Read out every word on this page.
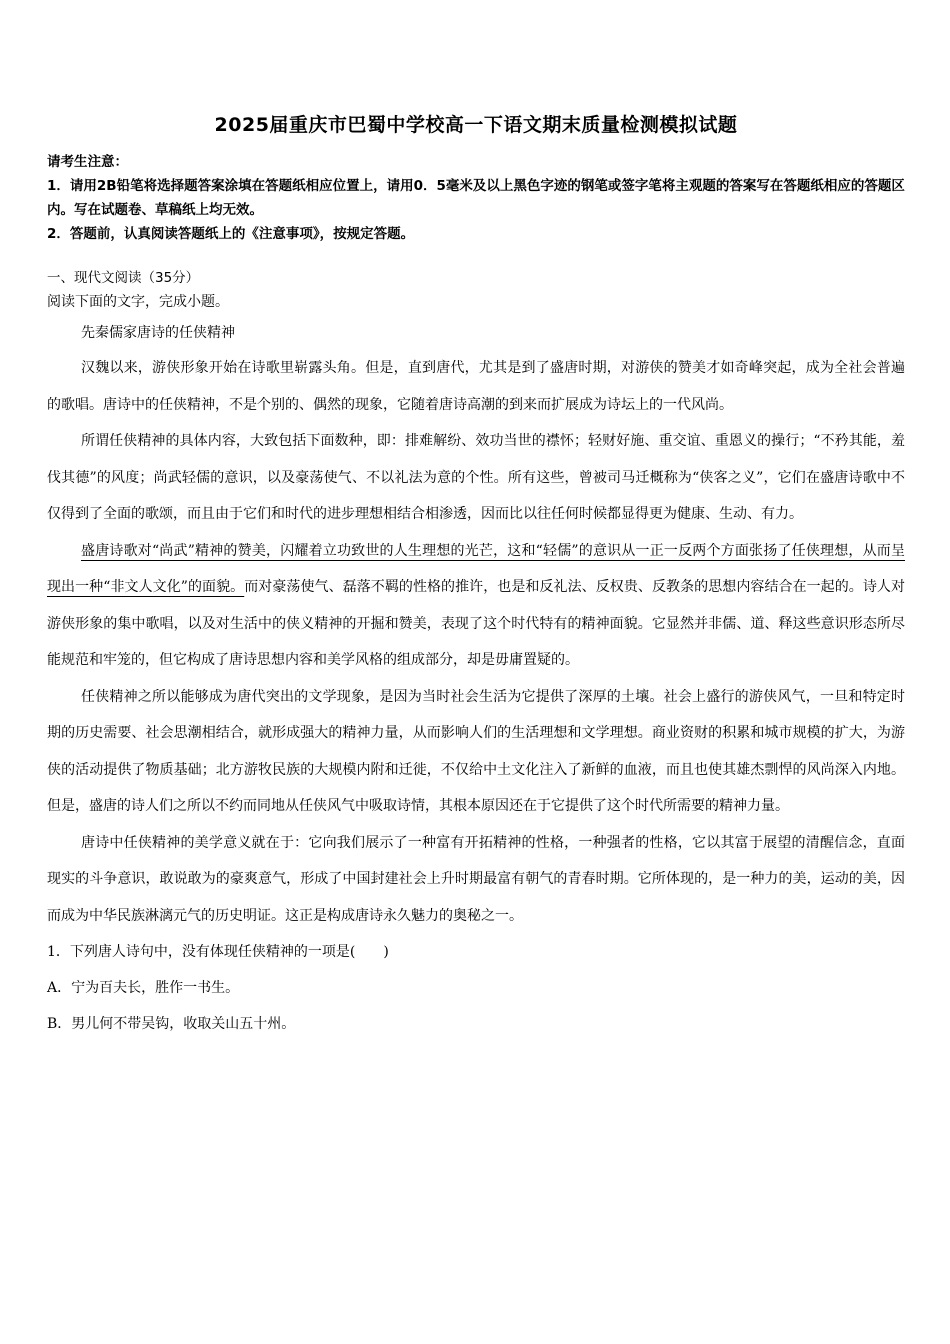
2025届重庆市巴蜀中学校高一下语文期末质量检测模拟试题

请考生注意：

1．请用2B铅笔将选择题答案涂填在答题纸相应位置上，请用0．5毫米及以上黑色字迹的钢笔或签字笔将主观题的答案写在答题纸相应的答题区内。写在试题卷、草稿纸上均无效。

2．答题前，认真阅读答题纸上的《注意事项》，按规定答题。

一、现代文阅读（35分）
阅读下面的文字，完成小题。
先秦儒家唐诗的任侠精神

汉魏以来，游侠形象开始在诗歌里崭露头角。但是，直到唐代，尤其是到了盛唐时期，对游侠的赞美才如奇峰突起，成为全社会普遍的歌唱。唐诗中的任侠精神，不是个别的、偶然的现象，它随着唐诗高潮的到来而扩展成为诗坛上的一代风尚。

所谓任侠精神的具体内容，大致包括下面数种，即：排难解纷、效功当世的襟怀；轻财好施、重交谊、重恩义的操行；“不矜其能，羞伐其德”的风度；尚武轻儒的意识，以及豪荡使气、不以礼法为意的个性。所有这些，曾被司马迁概称为“侠客之义”，它们在盛唐诗歌中不仅得到了全面的歌颂，而且由于它们和时代的进步理想相结合相渗透，因而比以往任何时候都显得更为健康、生动、有力。

盛唐诗歌对“尚武”精神的赞美，闪耀着立功致世的人生理想的光芒，这和“轻儒”的意识从一正一反两个方面张扬了任侠理想，从而呈现出一种“非文人文化”的面貌。而对豪荡使气、磊落不羁的性格的推许，也是和反礼法、反权贵、反教条的思想内容结合在一起的。诗人对游侠形象的集中歌唱，以及对生活中的侠义精神的开掘和赞美，表现了这个时代特有的精神面貌。它显然并非儒、道、释这些意识形态所尽能规范和牢笼的，但它构成了唐诗思想内容和美学风格的组成部分，却是毋庸置疑的。

任侠精神之所以能够成为唐代突出的文学现象，是因为当时社会生活为它提供了深厚的土壤。社会上盛行的游侠风气，一旦和特定时期的历史需要、社会思潮相结合，就形成强大的精神力量，从而影响人们的生活理想和文学理想。商业资财的积累和城市规模的扩大，为游侠的活动提供了物质基础；北方游牧民族的大规模内附和迁徙，不仅给中土文化注入了新鲜的血液，而且也使其雄杰剽悍的风尚深入内地。但是，盛唐的诗人们之所以不约而同地从任侠风气中吸取诗情，其根本原因还在于它提供了这个时代所需要的精神力量。

唐诗中任侠精神的美学意义就在于：它向我们展示了一种富有开拓精神的性格，一种强者的性格，它以其富于展望的清醒信念，直面现实的斗争意识，敢说敢为的豪爽意气，形成了中国封建社会上升时期最富有朝气的青春时期。它所体现的，是一种力的美，运动的美，因而成为中华民族淋漓元气的历史明证。这正是构成唐诗永久魅力的奥秘之一。

1．下列唐人诗句中，没有体现任侠精神的一项是(　　)
A．宁为百夫长，胜作一书生。
B．男儿何不带吴钩，收取关山五十州。
